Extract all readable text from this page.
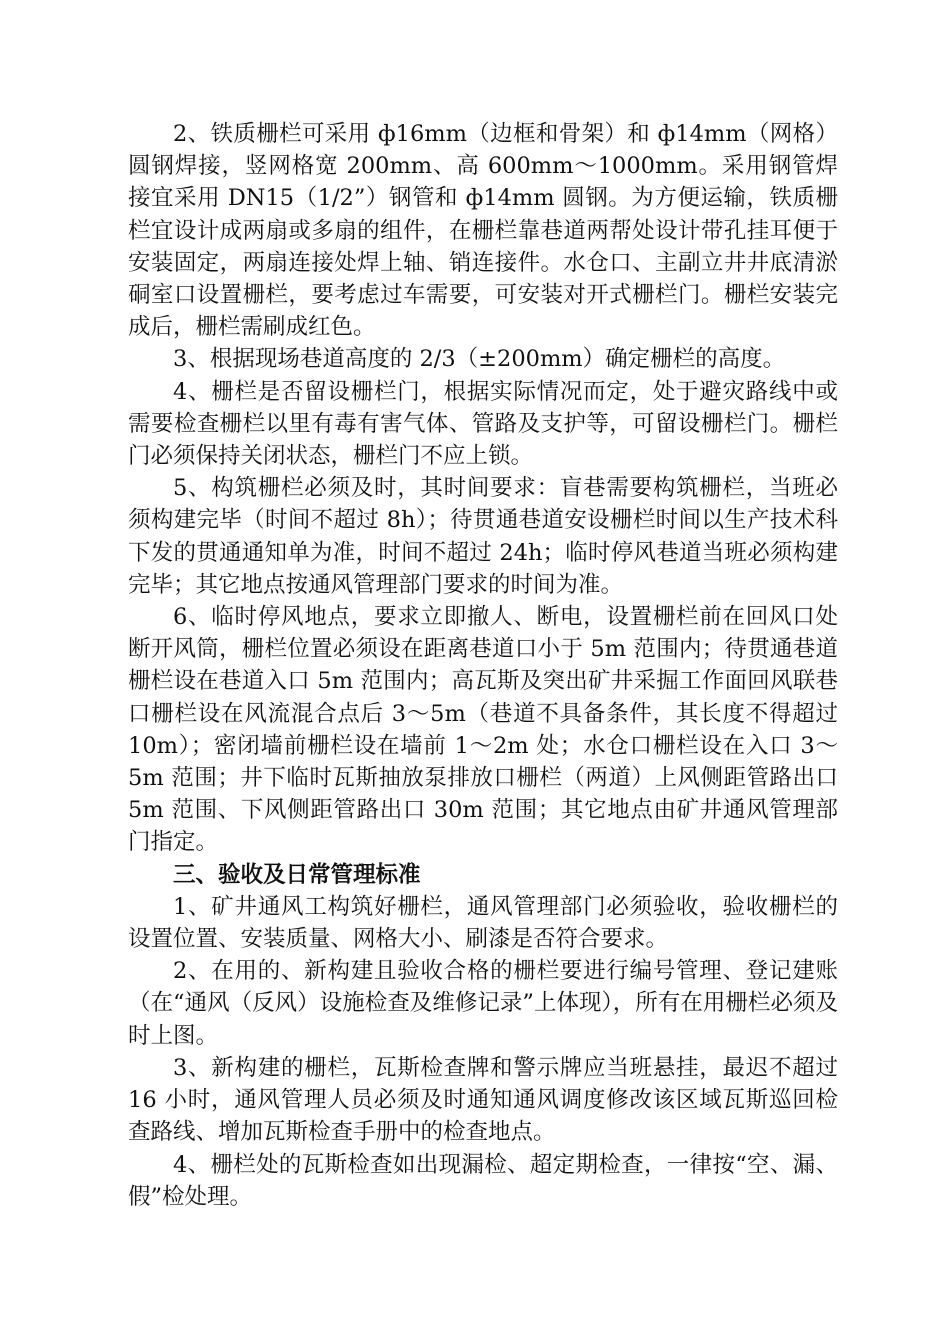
2、铁质栅栏可采用 ф16mm（边框和骨架）和 ф14mm（网格）圆钢焊接，竖网格宽 200mm、高 600mm～1000mm。采用钢管焊接宜采用 DN15（1/2”）钢管和 ф14mm 圆钢。为方便运输，铁质栅栏宜设计成两扇或多扇的组件，在栅栏靠巷道两帮处设计带孔挂耳便于安装固定，两扇连接处焊上轴、销连接件。水仓口、主副立井井底清淤硐室口设置栅栏，要考虑过车需要，可安装对开式栅栏门。栅栏安装完成后，栅栏需刷成红色。

3、根据现场巷道高度的 2/3（±200mm）确定栅栏的高度。

4、栅栏是否留设栅栏门，根据实际情况而定，处于避灾路线中或需要检查栅栏以里有毒有害气体、管路及支护等，可留设栅栏门。栅栏门必须保持关闭状态，栅栏门不应上锁。

5、构筑栅栏必须及时，其时间要求：盲巷需要构筑栅栏，当班必须构建完毕（时间不超过 8h）；待贯通巷道安设栅栏时间以生产技术科下发的贯通通知单为准，时间不超过 24h；临时停风巷道当班必须构建完毕；其它地点按通风管理部门要求的时间为准。

6、临时停风地点，要求立即撤人、断电，设置栅栏前在回风口处断开风筒，栅栏位置必须设在距离巷道口小于 5m 范围内；待贯通巷道栅栏设在巷道入口 5m 范围内；高瓦斯及突出矿井采掘工作面回风联巷口栅栏设在风流混合点后 3～5m（巷道不具备条件，其长度不得超过 10m）；密闭墙前栅栏设在墙前 1～2m 处；水仓口栅栏设在入口 3～5m 范围；井下临时瓦斯抽放泵排放口栅栏（两道）上风侧距管路出口 5m 范围、下风侧距管路出口 30m 范围；其它地点由矿井通风管理部门指定。

三、验收及日常管理标准

1、矿井通风工构筑好栅栏，通风管理部门必须验收，验收栅栏的设置位置、安装质量、网格大小、刷漆是否符合要求。

2、在用的、新构建且验收合格的栅栏要进行编号管理、登记建账（在“通风（反风）设施检查及维修记录”上体现），所有在用栅栏必须及时上图。

3、新构建的栅栏，瓦斯检查牌和警示牌应当班悬挂，最迟不超过 16 小时，通风管理人员必须及时通知通风调度修改该区域瓦斯巡回检查路线、增加瓦斯检查手册中的检查地点。

4、栅栏处的瓦斯检查如出现漏检、超定期检查，一律按“空、漏、假”检处理。
